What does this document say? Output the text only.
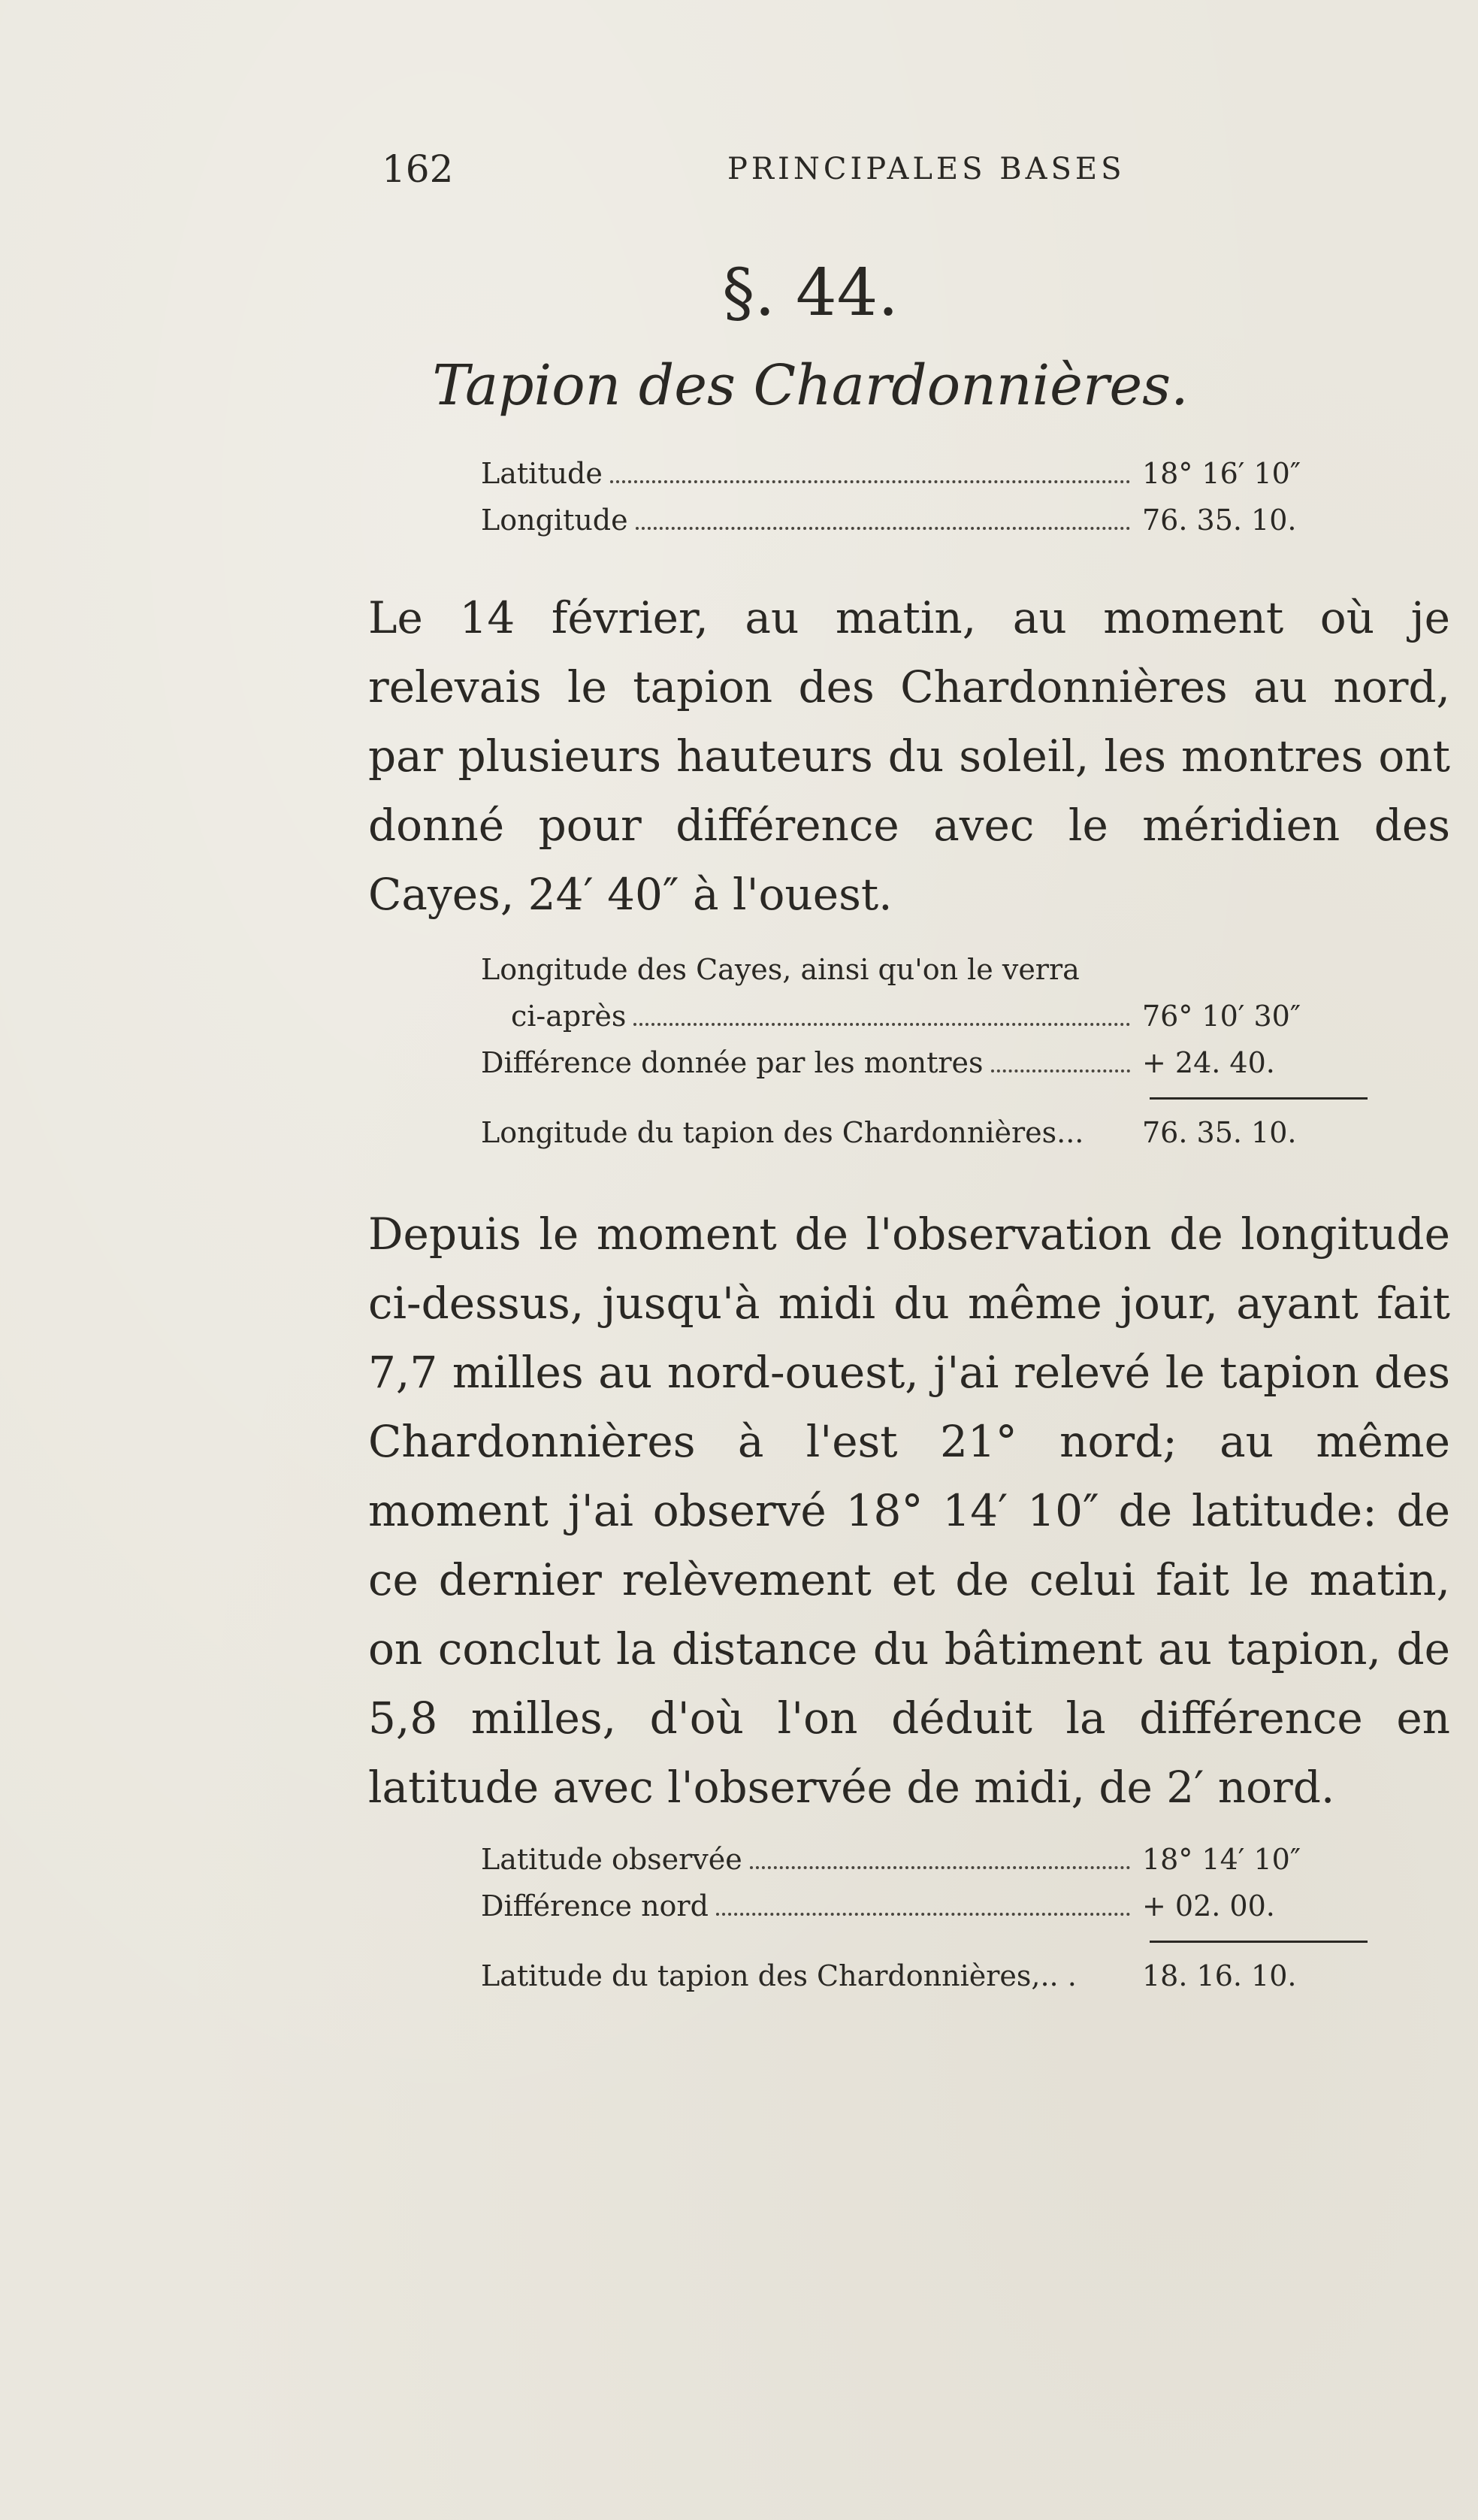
162	PRINCIPALES BASES
§. 44.
Tapion des Chardonnières.
Latitude	18° 16′ 10″
Longitude	76. 35. 10.

Le 14 février, au matin, au moment où je relevais le tapion des Chardonnières au nord, par plusieurs hauteurs du soleil, les montres ont donné pour différence avec le méridien des Cayes, 24′ 40″ à l'ouest.

Longitude des Cayes, ainsi qu'on le verra
ci-après	76° 10′ 30″
Différence donnée par les montres	+ 24. 40.
Longitude du tapion des Chardonnières... 76. 35. 10.

Depuis le moment de l'observation de longitude ci-dessus, jusqu'à midi du même jour, ayant fait 7,7 milles au nord-ouest, j'ai relevé le tapion des Chardonnières à l'est 21° nord; au même moment j'ai observé 18° 14′ 10″ de latitude: de ce dernier relèvement et de celui fait le matin, on conclut la distance du bâtiment au tapion, de 5,8 milles, d'où l'on déduit la différence en latitude avec l'observée de midi, de 2′ nord.

Latitude observée	18° 14′ 10″
Différence nord	+ 02. 00.
Latitude du tapion des Chardonnières,.. . 18. 16. 10.
